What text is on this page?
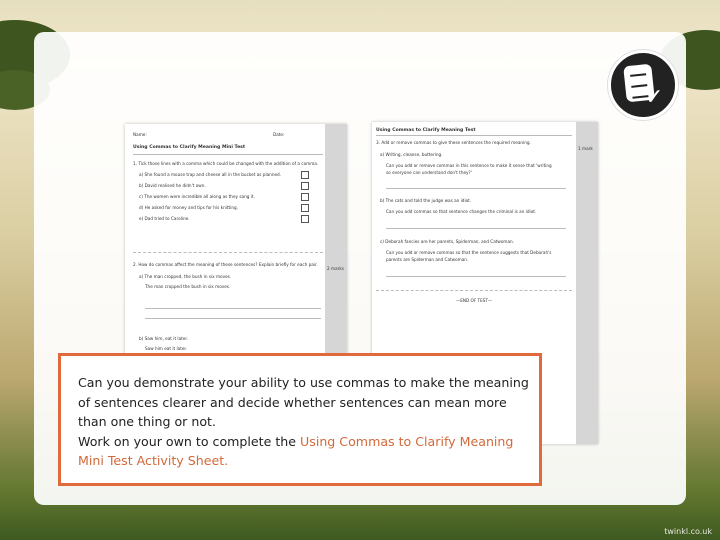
✓
Name:	Date:
Using Commas to Clarify Meaning Mini Test
1. Tick those lines with a comma which could be changed with the addition of a comma.
a) She found a mouse trap and cheese all in the bucket as planned.
b) David realised he didn't own.
c) The women were incredible all along as they sang it.
d) He asked for money and tips for his knitting.
e) Dad tried to Caroline.
2. How do commas affect the meaning of these sentences? Explain briefly for each pair.
a) The man cropped, the bush in six moves.
The man cropped the bush in six moves.
b) Saw him, eat it later.
Saw him eat it later.
2 marks
Using Commas to Clarify Meaning Test
3. Add or remove commas to give these sentences the required meaning.
a) Writing, cleanse, buttering.
Can you add or remove commas in this sentence to make it sense that 'writing
so everyone can understand don't they?'
b) The cats and told the judge was an idiot.
Can you add commas so that sentence changes the criminal is an idiot.
c) Deborah fancies are her parents, Spiderman, and Catwoman.
Can you add or remove commas so that the sentence suggests that Deborah's
parents are Spiderman and Catwoman.
—END OF TEST—
1 mark

Can you demonstrate your ability to use commas to make the meaning of sentences clearer and decide whether sentences can mean more than one thing or not.
Work on your own to complete the Using Commas to Clarify Meaning Mini Test Activity Sheet.

twinkl.co.uk
